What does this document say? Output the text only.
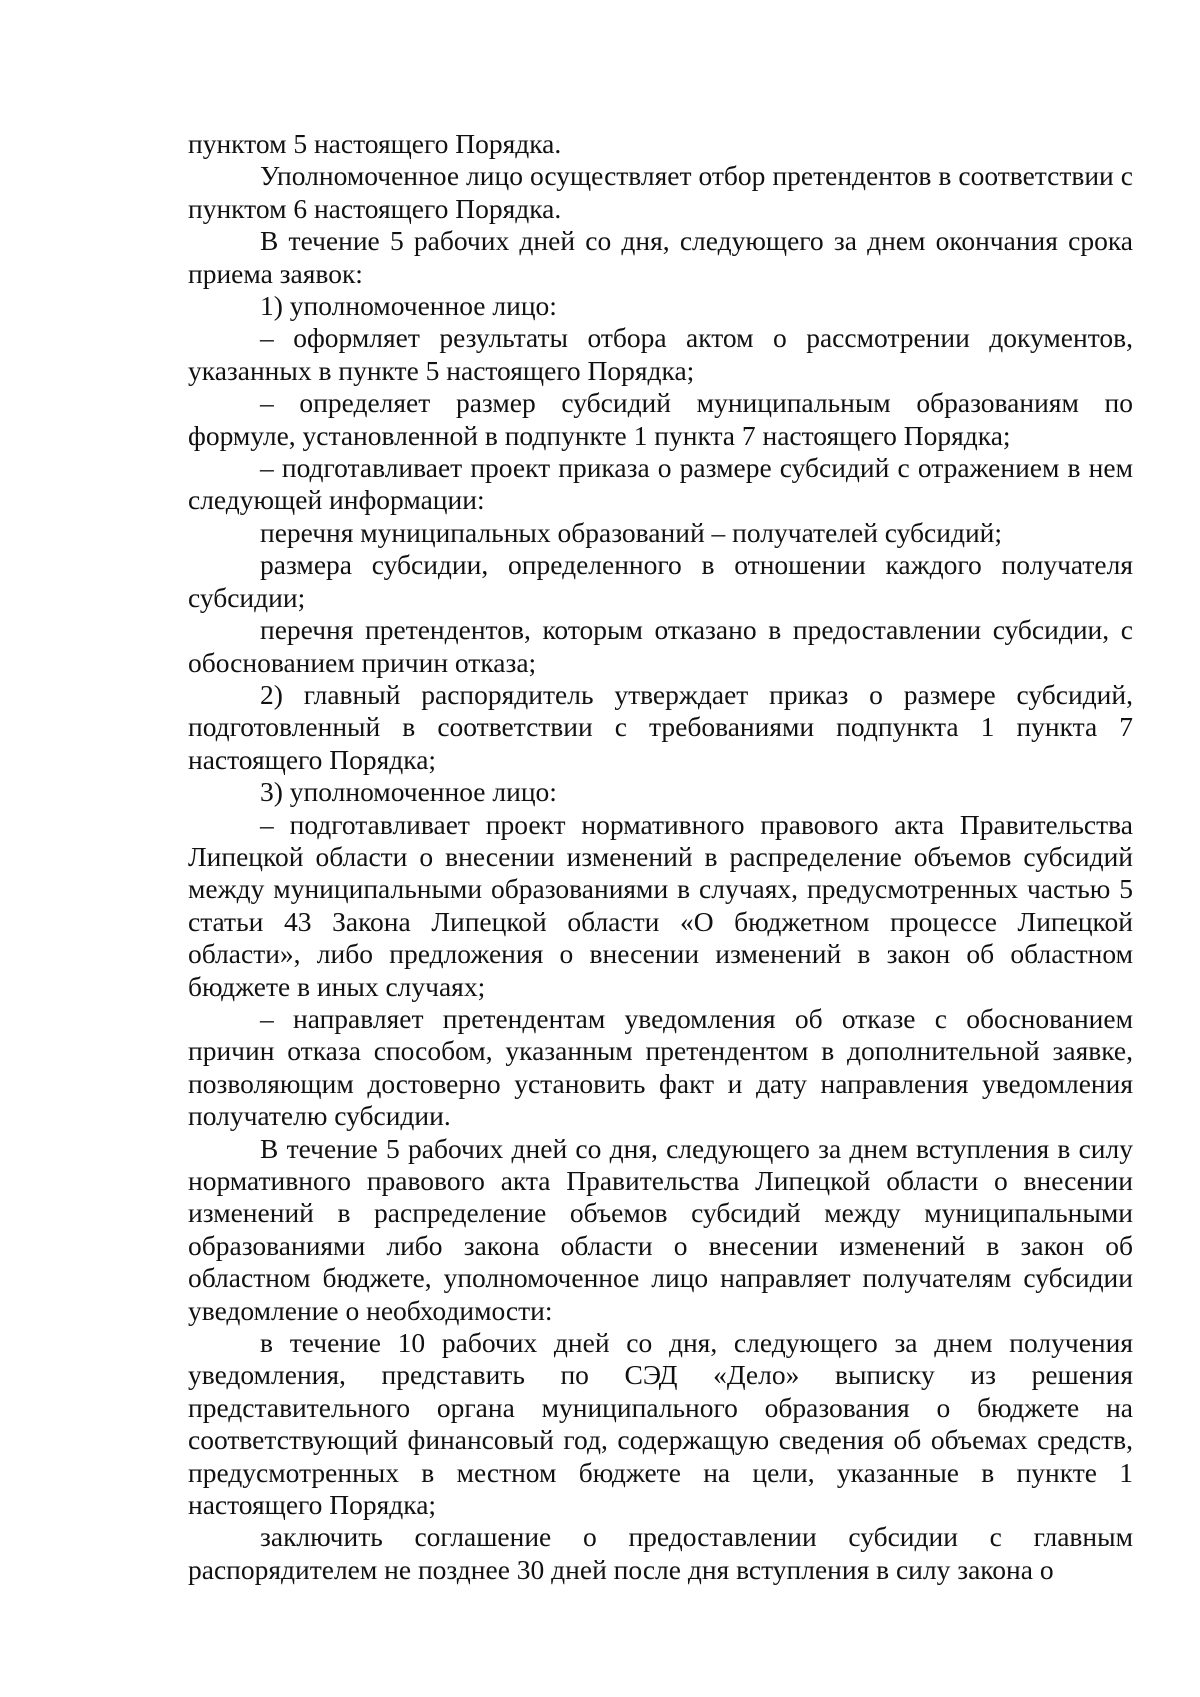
пунктом 5 настоящего Порядка.

Уполномоченное лицо осуществляет отбор претендентов в соответствии с пунктом 6 настоящего Порядка.

В течение 5 рабочих дней со дня, следующего за днем окончания срока приема заявок:

1) уполномоченное лицо:

– оформляет результаты отбора актом о рассмотрении документов, указанных в пункте 5 настоящего Порядка;

– определяет размер субсидий муниципальным образованиям по формуле, установленной в подпункте 1 пункта 7 настоящего Порядка;

– подготавливает проект приказа о размере субсидий с отражением в нем следующей информации:

перечня муниципальных образований – получателей субсидий;

размера субсидии, определенного в отношении каждого получателя субсидии;

перечня претендентов, которым отказано в предоставлении субсидии, с обоснованием причин отказа;

2) главный распорядитель утверждает приказ о размере субсидий, подготовленный в соответствии с требованиями подпункта 1 пункта 7 настоящего Порядка;

3) уполномоченное лицо:

– подготавливает проект нормативного правового акта Правительства Липецкой области о внесении изменений в распределение объемов субсидий между муниципальными образованиями в случаях, предусмотренных частью 5 статьи 43 Закона Липецкой области «О бюджетном процессе Липецкой области», либо предложения о внесении изменений в закон об областном бюджете в иных случаях;

– направляет претендентам уведомления об отказе с обоснованием причин отказа способом, указанным претендентом в дополнительной заявке, позволяющим достоверно установить факт и дату направления уведомления получателю субсидии.

В течение 5 рабочих дней со дня, следующего за днем вступления в силу нормативного правового акта Правительства Липецкой области о внесении изменений в распределение объемов субсидий между муниципальными образованиями либо закона области о внесении изменений в закон об областном бюджете, уполномоченное лицо направляет получателям субсидии уведомление о необходимости:

в течение 10 рабочих дней со дня, следующего за днем получения уведомления, представить по СЭД «Дело» выписку из решения представительного органа муниципального образования о бюджете на соответствующий финансовый год, содержащую сведения об объемах средств, предусмотренных в местном бюджете на цели, указанные в пункте 1 настоящего Порядка;

заключить соглашение о предоставлении субсидии с главным распорядителем не позднее 30 дней после дня вступления в силу закона о
